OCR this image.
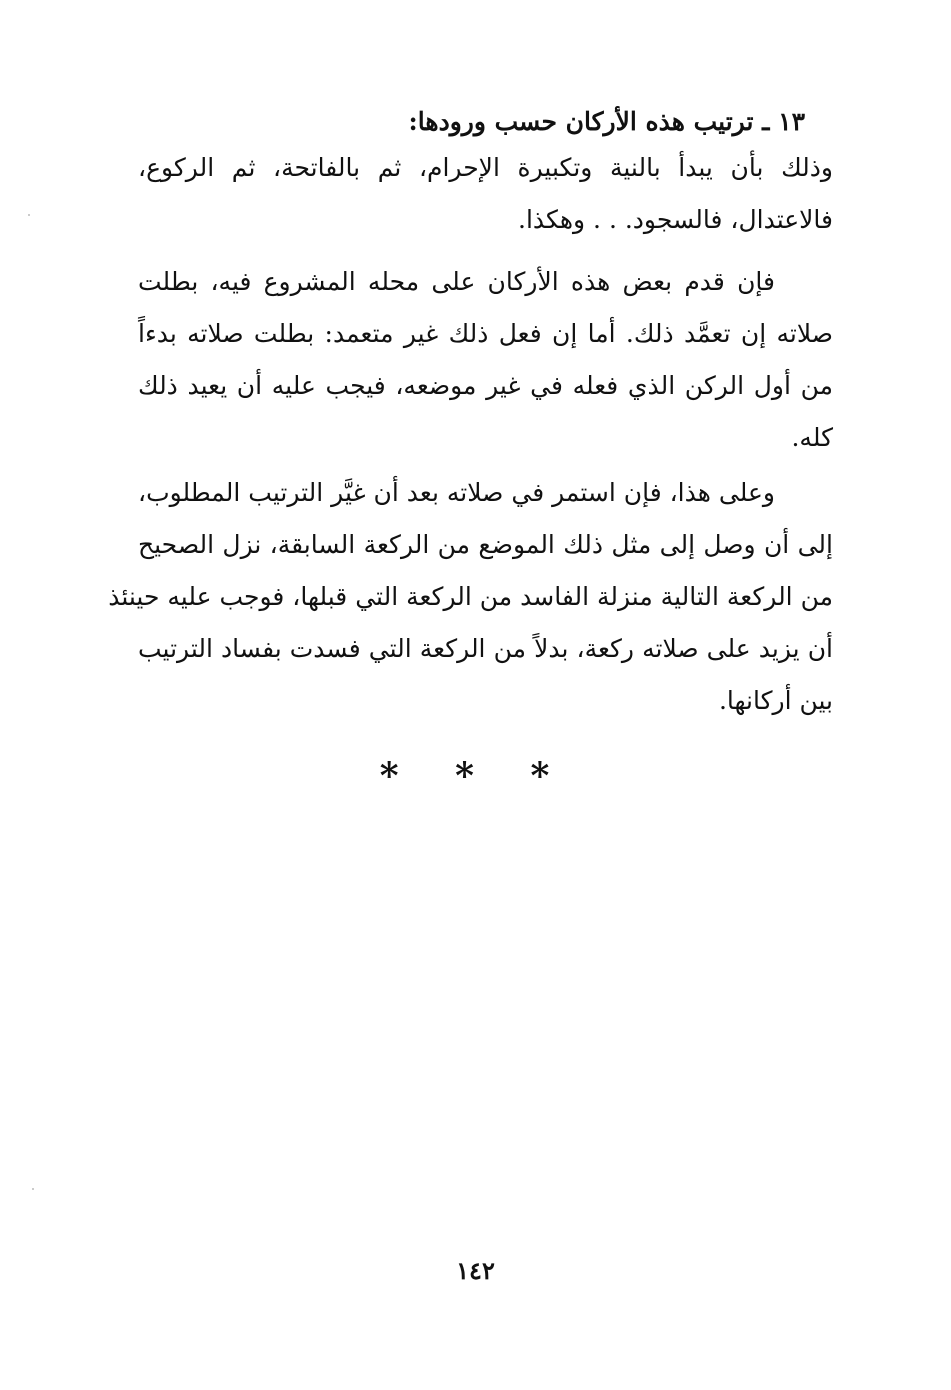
١٣ ـ ترتيب هذه الأركان حسب ورودها:
وذلك بأن يبدأ بالنية وتكبيرة الإحرام، ثم بالفاتحة، ثم الركوع،
فالاعتدال، فالسجود. . . وهكذا.
فإن قدم بعض هذه الأركان على محله المشروع فيه، بطلت
صلاته إن تعمَّد ذلك. أما إن فعل ذلك غير متعمد: بطلت صلاته بدءاً
من أول الركن الذي فعله في غير موضعه، فيجب عليه أن يعيد ذلك
كله.
وعلى هذا، فإن استمر في صلاته بعد أن غيَّر الترتيب المطلوب،
إلى أن وصل إلى مثل ذلك الموضع من الركعة السابقة، نزل الصحيح
من الركعة التالية منزلة الفاسد من الركعة التي قبلها، فوجب عليه حينئذ
أن يزيد على صلاته ركعة، بدلاً من الركعة التي فسدت بفساد الترتيب
بين أركانها.
* * *
١٤٢
